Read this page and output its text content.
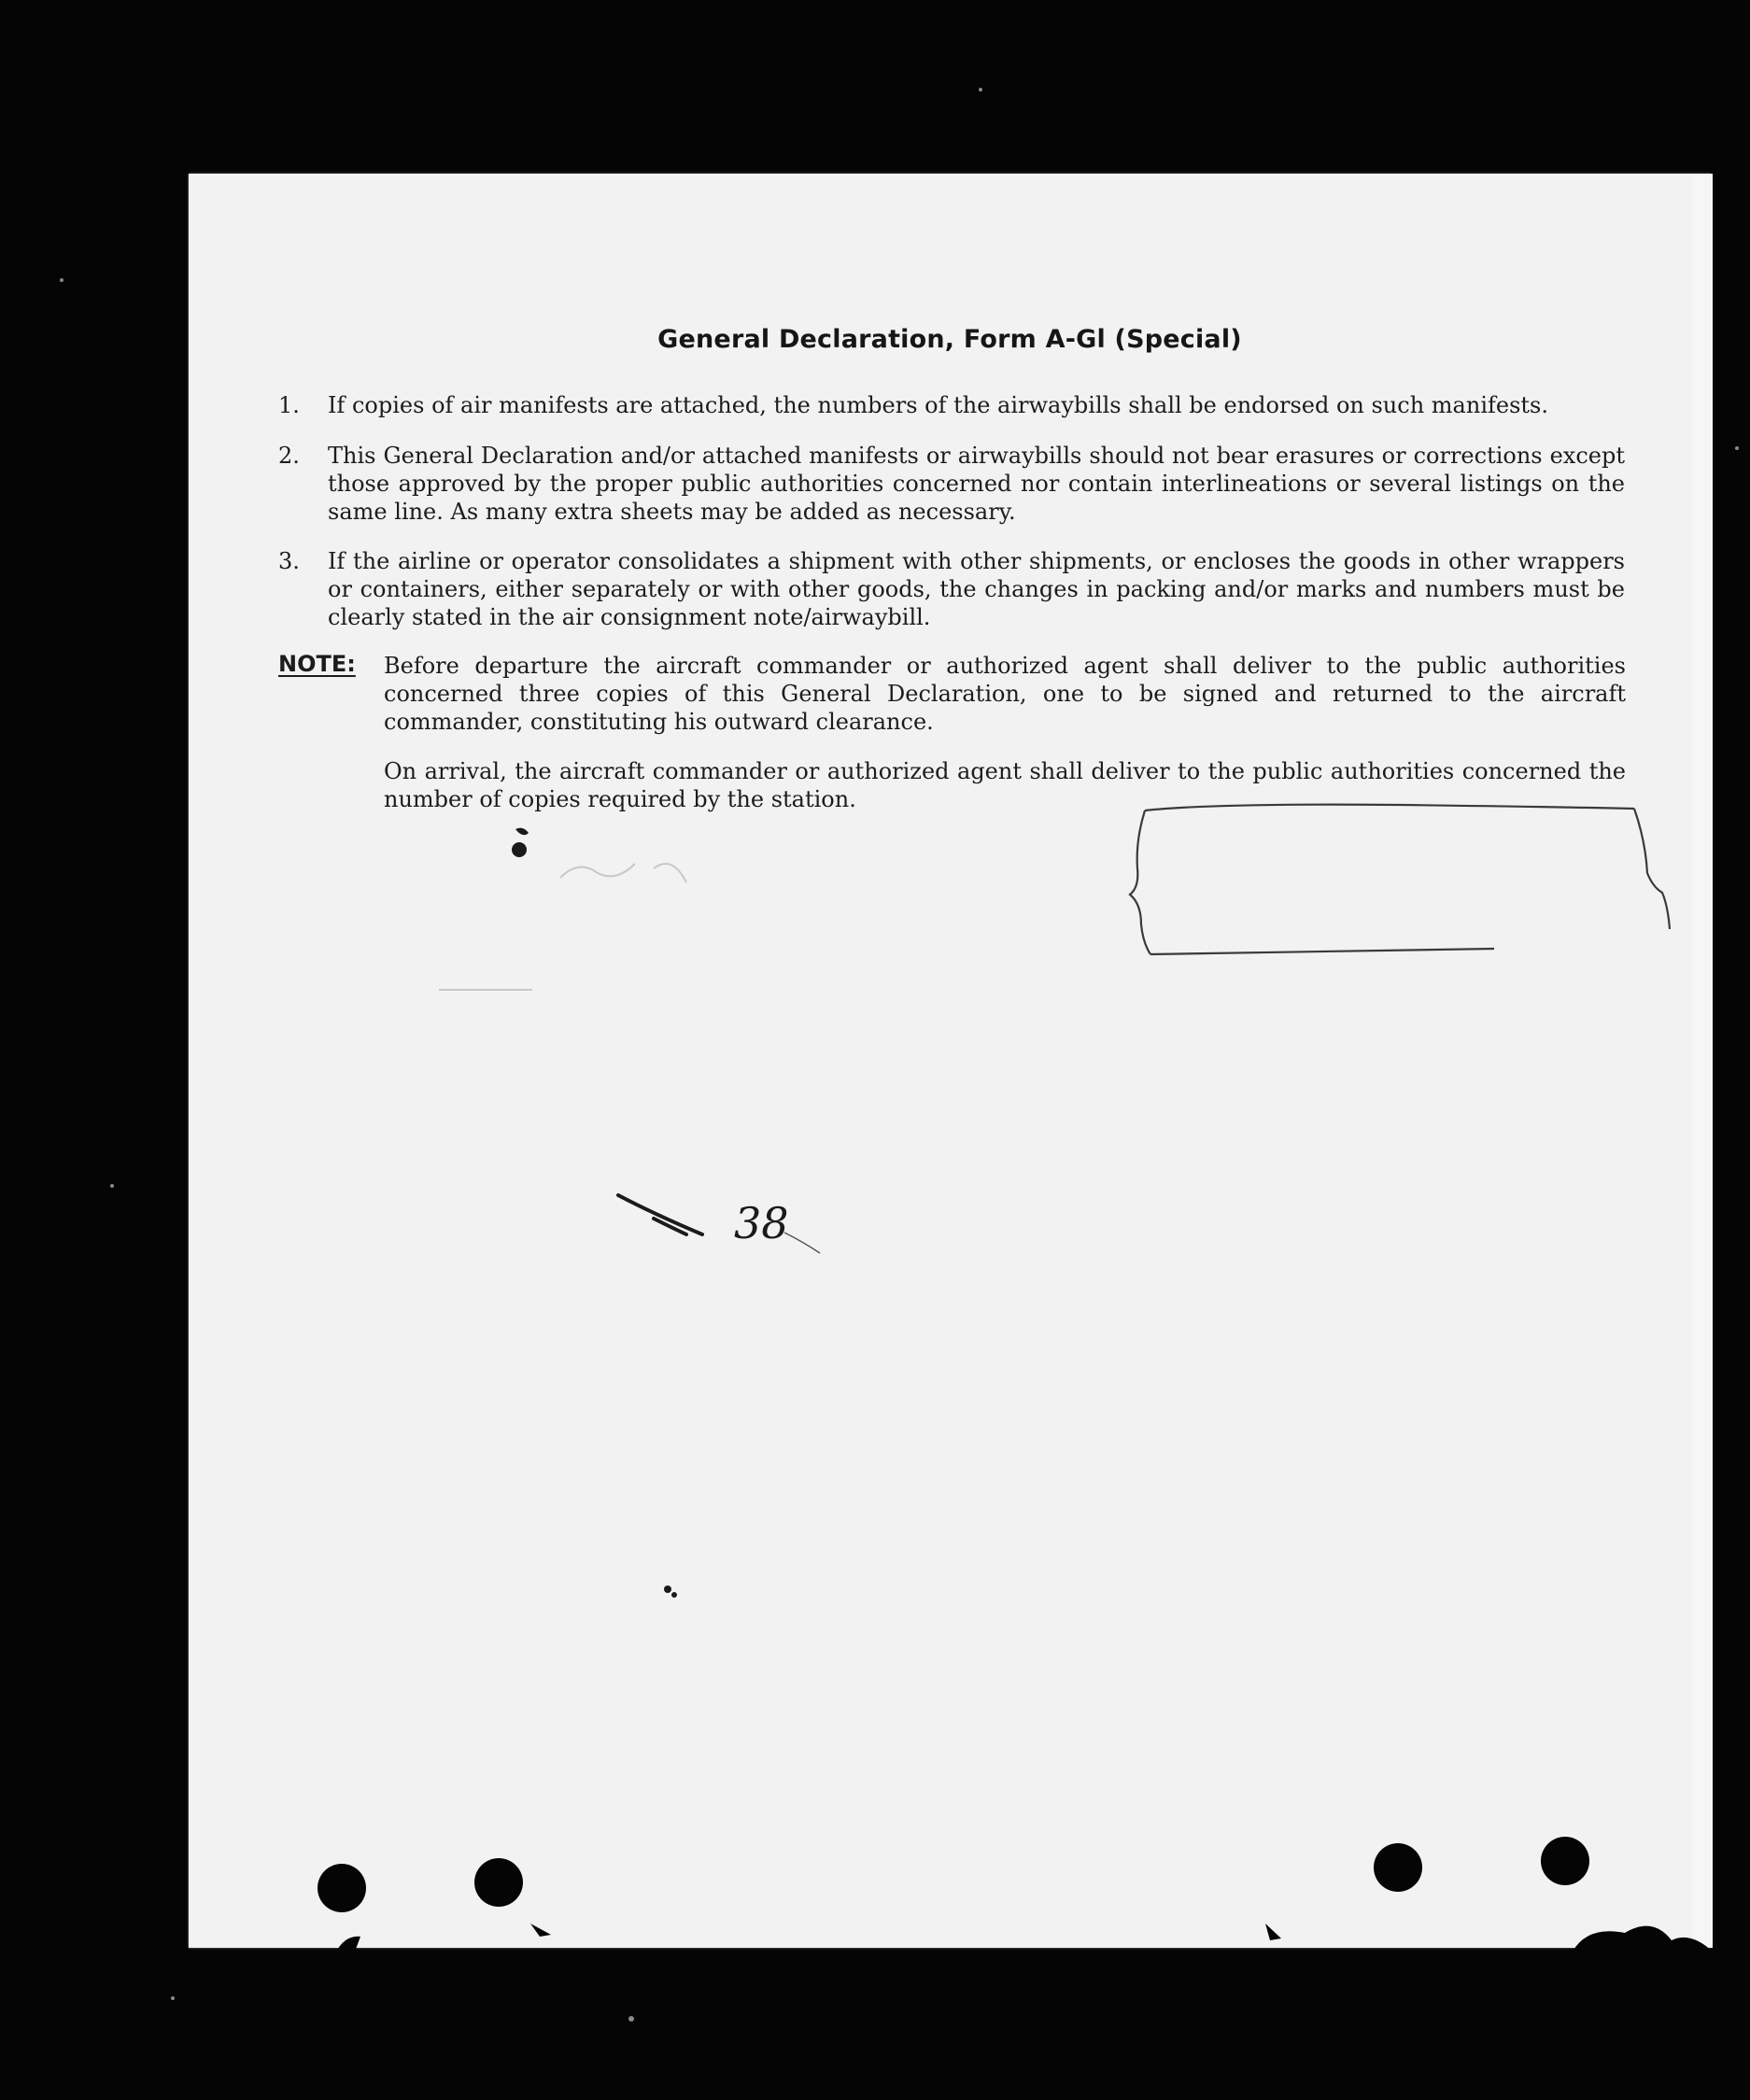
General Declaration, Form A-Gl (Special)
1.	If copies of air manifests are attached, the numbers of the airwaybills shall be endorsed on such manifests.
2.	This General Declaration and/or attached manifests or airwaybills should not bear erasures or corrections except those approved by the proper public authorities concerned nor contain interlineations or several listings on the same line. As many extra sheets may be added as necessary.
3.	If the airline or operator consolidates a shipment with other shipments, or encloses the goods in other wrappers or containers, either separately or with other goods, the changes in packing and/or marks and numbers must be clearly stated in the air consignment note/airwaybill.
NOTE: Before departure the aircraft commander or authorized agent shall deliver to the public authorities concerned three copies of this General Declaration, one to be signed and returned to the aircraft commander, constituting his outward clearance.
On arrival, the aircraft commander or authorized agent shall deliver to the public authorities concerned the number of copies required by the station.
38
